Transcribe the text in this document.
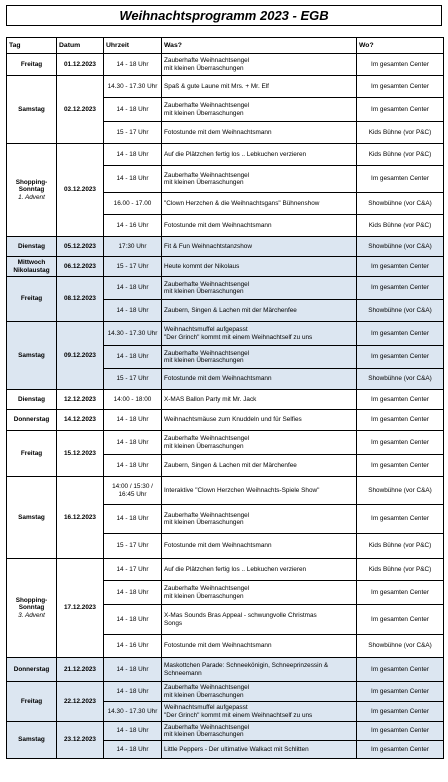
Weihnachtsprogramm 2023 - EGB
Tag	Datum	Uhrzeit	Was?	Wo?
Freitag	01.12.2023	14 - 18 Uhr	Zauberhafte Weihnachtsengel
mit kleinen Überraschungen	Im gesamten Center
Samstag	02.12.2023	14.30 - 17.30 Uhr	Spaß & gute Laune mit Mrs. + Mr. Elf	Im gesamten Center
		14 - 18 Uhr	Zauberhafte Weihnachtsengel
mit kleinen Überraschungen	Im gesamten Center
		15 - 17 Uhr	Fotostunde mit dem Weihnachtsmann	Kids Bühne (vor P&C)
Shopping-
Sonntag
1. Advent	03.12.2023	14 - 18 Uhr	Auf die Plätzchen fertig los .. Lebkuchen verzieren	Kids Bühne (vor P&C)
		14 - 18 Uhr	Zauberhafte Weihnachtsengel
mit kleinen Überraschungen	Im gesamten Center
		16.00 - 17.00	"Clown Herzchen & die Weihnachtsgans" Bühnenshow	Showbühne (vor C&A)
		14 - 16 Uhr	Fotostunde mit dem Weihnachtsmann	Kids Bühne (vor P&C)
Dienstag	05.12.2023	17:30 Uhr	Fit & Fun Weihnachtstanzshow	Showbühne (vor C&A)
Mittwoch
Nikolaustag	06.12.2023	15 - 17 Uhr	Heute kommt der Nikolaus	Im gesamten Center
Freitag	08.12.2023	14 - 18 Uhr	Zauberhafte Weihnachtsengel
mit kleinen Überraschungen	Im gesamten Center
		14 - 18 Uhr	Zaubern, Singen & Lachen mit der Märchenfee	Showbühne (vor C&A)
Samstag	09.12.2023	14.30 - 17.30 Uhr	Weihnachtsmuffel aufgepasst
"Der Grinch" kommt mit einem Weihnachtself zu uns	Im gesamten Center
		14 - 18 Uhr	Zauberhafte Weihnachtsengel
mit kleinen Überraschungen	Im gesamten Center
		15 - 17 Uhr	Fotostunde mit dem Weihnachtsmann	Showbühne (vor C&A)
Dienstag	12.12.2023	14:00 - 18:00	X-MAS Ballon Party mit Mr. Jack	Im gesamten Center
Donnerstag	14.12.2023	14 - 18 Uhr	Weihnachtsmäuse zum Knuddeln und für Selfies	Im gesamten Center
Freitag	15.12.2023	14 - 18 Uhr	Zauberhafte Weihnachtsengel
mit kleinen Überraschungen	Im gesamten Center
		14 - 18 Uhr	Zaubern, Singen & Lachen mit der Märchenfee	Im gesamten Center
Samstag	16.12.2023	14:00 / 15:30 /
16:45 Uhr	Interaktive "Clown Herzchen Weihnachts-Spiele Show"	Showbühne (vor C&A)
		14 - 18 Uhr	Zauberhafte Weihnachtsengel
mit kleinen Überraschungen	Im gesamten Center
		15 - 17 Uhr	Fotostunde mit dem Weihnachtsmann	Kids Bühne (vor P&C)
Shopping-
Sonntag
3. Advent	17.12.2023	14 - 17 Uhr	Auf die Plätzchen fertig los .. Lebkuchen verzieren	Kids Bühne (vor P&C)
		14 - 18 Uhr	Zauberhafte Weihnachtsengel
mit kleinen Überraschungen	Im gesamten Center
		14 - 18 Uhr	X-Mas Sounds Bras Appeal - schwungvolle Christmas
Songs	Im gesamten Center
		14 - 16 Uhr	Fotostunde mit dem Weihnachtsmann	Showbühne (vor C&A)
Donnerstag	21.12.2023	14 - 18 Uhr	Maskottchen Parade: Schneekönigin, Schneeprinzessin &
Schneemann	Im gesamten Center
Freitag	22.12.2023	14 - 18 Uhr	Zauberhafte Weihnachtsengel
mit kleinen Überraschungen	Im gesamten Center
		14.30 - 17.30 Uhr	Weihnachtsmuffel aufgepasst
"Der Grinch" kommt mit einem Weihnachtself zu uns	Im gesamten Center
Samstag	23.12.2023	14 - 18 Uhr	Zauberhafte Weihnachtsengel
mit kleinen Überraschungen	Im gesamten Center
		14 - 18 Uhr	Little Peppers - Der ultimative Walkact mit Schlitten	Im gesamten Center
